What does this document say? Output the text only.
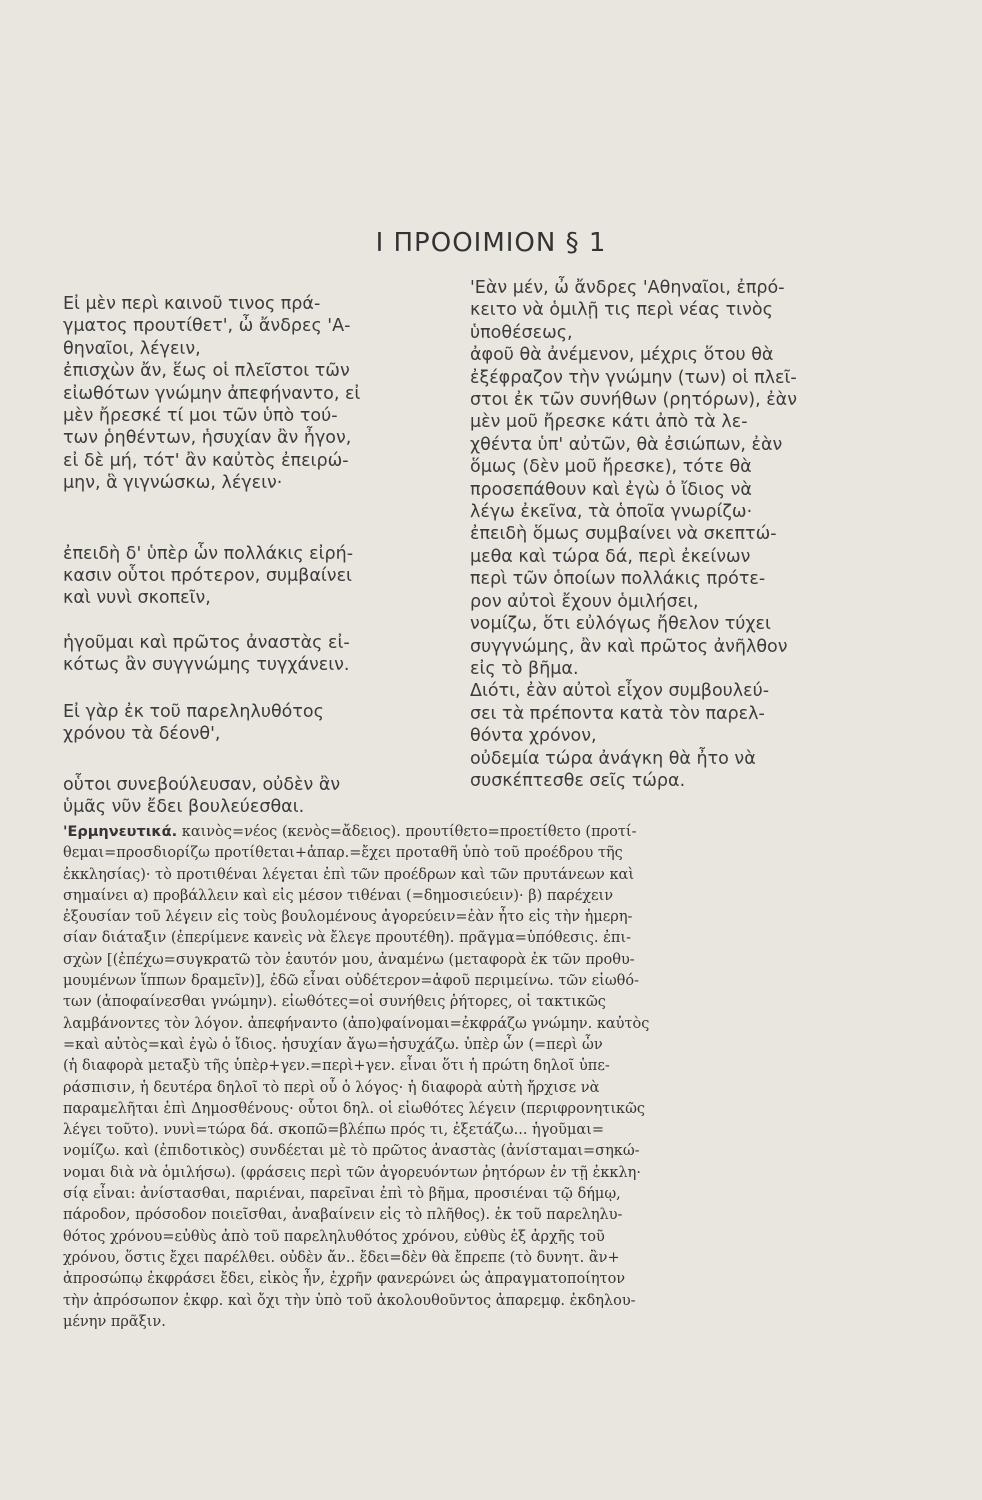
Ι ΠΡΟΟΙΜΙΟΝ § 1
Εἰ μὲν περὶ καινοῦ τινος πρά-
γματος προυτίθετ', ὦ ἄνδρες 'Α-
θηναῖοι, λέγειν,
ἐπισχὼν ἄν, ἕως οἱ πλεῖστοι τῶν
εἰωθότων γνώμην ἀπεφήναντο, εἰ
μὲν ἤρεσκέ τί μοι τῶν ὑπὸ τού-
των ῥηθέντων, ἡσυχίαν ἂν ἦγον,
εἰ δὲ μή, τότ' ἂν καὐτὸς ἐπειρώ-
μην, ἃ γιγνώσκω, λέγειν·
ἐπειδὴ δ' ὑπὲρ ὧν πολλάκις εἰρή-
κασιν οὗτοι πρότερον, συμβαίνει
καὶ νυνὶ σκοπεῖν,
ἡγοῦμαι καὶ πρῶτος ἀναστὰς εἰ-
κότως ἂν συγγνώμης τυγχάνειν.
Εἰ γὰρ ἐκ τοῦ παρεληλυθότος
χρόνου τὰ δέονθ',
οὗτοι συνεβούλευσαν, οὐδὲν ἂν
ὑμᾶς νῦν ἔδει βουλεύεσθαι.
'Εὰν μέν, ὦ ἄνδρες 'Αθηναῖοι, ἐπρό-
κειτο νὰ ὁμιλῇ τις περὶ νέας τινὸς
ὑποθέσεως,
ἀφοῦ θὰ ἀνέμενον, μέχρις ὅτου θὰ
ἐξέφραζον τὴν γνώμην (των) οἱ πλεῖ-
στοι ἐκ τῶν συνήθων (ρητόρων), ἐὰν
μὲν μοῦ ἤρεσκε κάτι ἀπὸ τὰ λε-
χθέντα ὑπ' αὐτῶν, θὰ ἐσιώπων, ἐὰν
ὅμως (δὲν μοῦ ἤρεσκε), τότε θὰ
προσεπάθουν καὶ ἐγὼ ὁ ἴδιος νὰ
λέγω ἐκεῖνα, τὰ ὁποῖα γνωρίζω·
ἐπειδὴ ὅμως συμβαίνει νὰ σκεπτώ-
μεθα καὶ τώρα δά, περὶ ἐκείνων
περὶ τῶν ὁποίων πολλάκις πρότε-
ρον αὐτοὶ ἔχουν ὁμιλήσει,
νομίζω, ὅτι εὐλόγως ἤθελον τύχει
συγγνώμης, ἂν καὶ πρῶτος ἀνῆλθον
εἰς τὸ βῆμα.
Διότι, ἐὰν αὐτοὶ εἶχον συμβουλεύ-
σει τὰ πρέποντα κατὰ τὸν παρελ-
θόντα χρόνον,
οὐδεμία τώρα ἀνάγκη θὰ ἦτο νὰ
συσκέπτεσθε σεῖς τώρα.
'Ερμηνευτικά. καινὸς=νέος (κενὸς=ἄδειος). προυτίθετο=προετίθετο (προτί-
θεμαι=προσδιορίζω προτίθεται+ἀπαρ.=ἔχει προταθῆ ὑπὸ τοῦ προέδρου τῆς
ἐκκλησίας)· τὸ προτιθέναι λέγεται ἐπὶ τῶν προέδρων καὶ τῶν πρυτάνεων καὶ
σημαίνει α) προβάλλειν καὶ εἰς μέσον τιθέναι (=δημοσιεύειν)· β) παρέχειν
ἐξουσίαν τοῦ λέγειν εἰς τοὺς βουλομένους ἀγορεύειν=ἐὰν ἦτο εἰς τὴν ἡμερη-
σίαν διάταξιν (ἐπερίμενε κανεὶς νὰ ἔλεγε προυτέθη). πρᾶγμα=ὑπόθεσις. ἐπι-
σχὼν [(ἐπέχω=συγκρατῶ τὸν ἑαυτόν μου, ἀναμένω (μεταφορὰ ἐκ τῶν προθυ-
μουμένων ἵππων δραμεῖν)], ἐδῶ εἶναι οὐδέτερον=ἀφοῦ περιμείνω. τῶν εἰωθό-
των (ἀποφαίνεσθαι γνώμην). εἰωθότες=οἱ συνήθεις ῥήτορες, οἱ τακτικῶς
λαμβάνοντες τὸν λόγον. ἀπεφήναντο (ἀπο)φαίνομαι=ἐκφράζω γνώμην. καὐτὸς
=καὶ αὐτὸς=καὶ ἐγὼ ὁ ἴδιος. ἡσυχίαν ἄγω=ἡσυχάζω. ὑπὲρ ὧν (=περὶ ὧν
(ἡ διαφορὰ μεταξὺ τῆς ὑπὲρ+γεν.=περὶ+γεν. εἶναι ὅτι ἡ πρώτη δηλοῖ ὑπε-
ράσπισιν, ἡ δευτέρα δηλοῖ τὸ περὶ οὗ ὁ λόγος· ἡ διαφορὰ αὐτὴ ἤρχισε νὰ
παραμελῆται ἐπὶ Δημοσθένους· οὗτοι δηλ. οἱ εἰωθότες λέγειν (περιφρονητικῶς
λέγει τοῦτο). νυνὶ=τώρα δά. σκοπῶ=βλέπω πρός τι, ἐξετάζω... ἡγοῦμαι=
νομίζω. καὶ (ἐπιδοτικὸς) συνδέεται μὲ τὸ πρῶτος ἀναστὰς (ἀνίσταμαι=σηκώ-
νομαι διὰ νὰ ὁμιλήσω). (φράσεις περὶ τῶν ἀγορευόντων ῥητόρων ἐν τῇ ἐκκλη·
σίᾳ εἶναι: ἀνίστασθαι, παριέναι, παρεῖναι ἐπὶ τὸ βῆμα, προσιέναι τῷ δήμῳ,
πάροδον, πρόσοδον ποιεῖσθαι, ἀναβαίνειν εἰς τὸ πλῆθος). ἐκ τοῦ παρεληλυ-
θότος χρόνου=εὐθὺς ἀπὸ τοῦ παρεληλυθότος χρόνου, εὐθὺς ἐξ ἀρχῆς τοῦ
χρόνου, ὅστις ἔχει παρέλθει. οὐδὲν ἄν.. ἔδει=δὲν θὰ ἔπρεπε (τὸ δυνητ. ἂν+
ἀπροσώπῳ ἐκφράσει ἔδει, εἰκὸς ἦν, ἐχρῆν φανερώνει ὡς ἀπραγματοποίητον
τὴν ἀπρόσωπον ἐκφρ. καὶ ὄχι τὴν ὑπὸ τοῦ ἀκολουθοῦντος ἀπαρεμφ. ἐκδηλου-
μένην πρᾶξιν.
